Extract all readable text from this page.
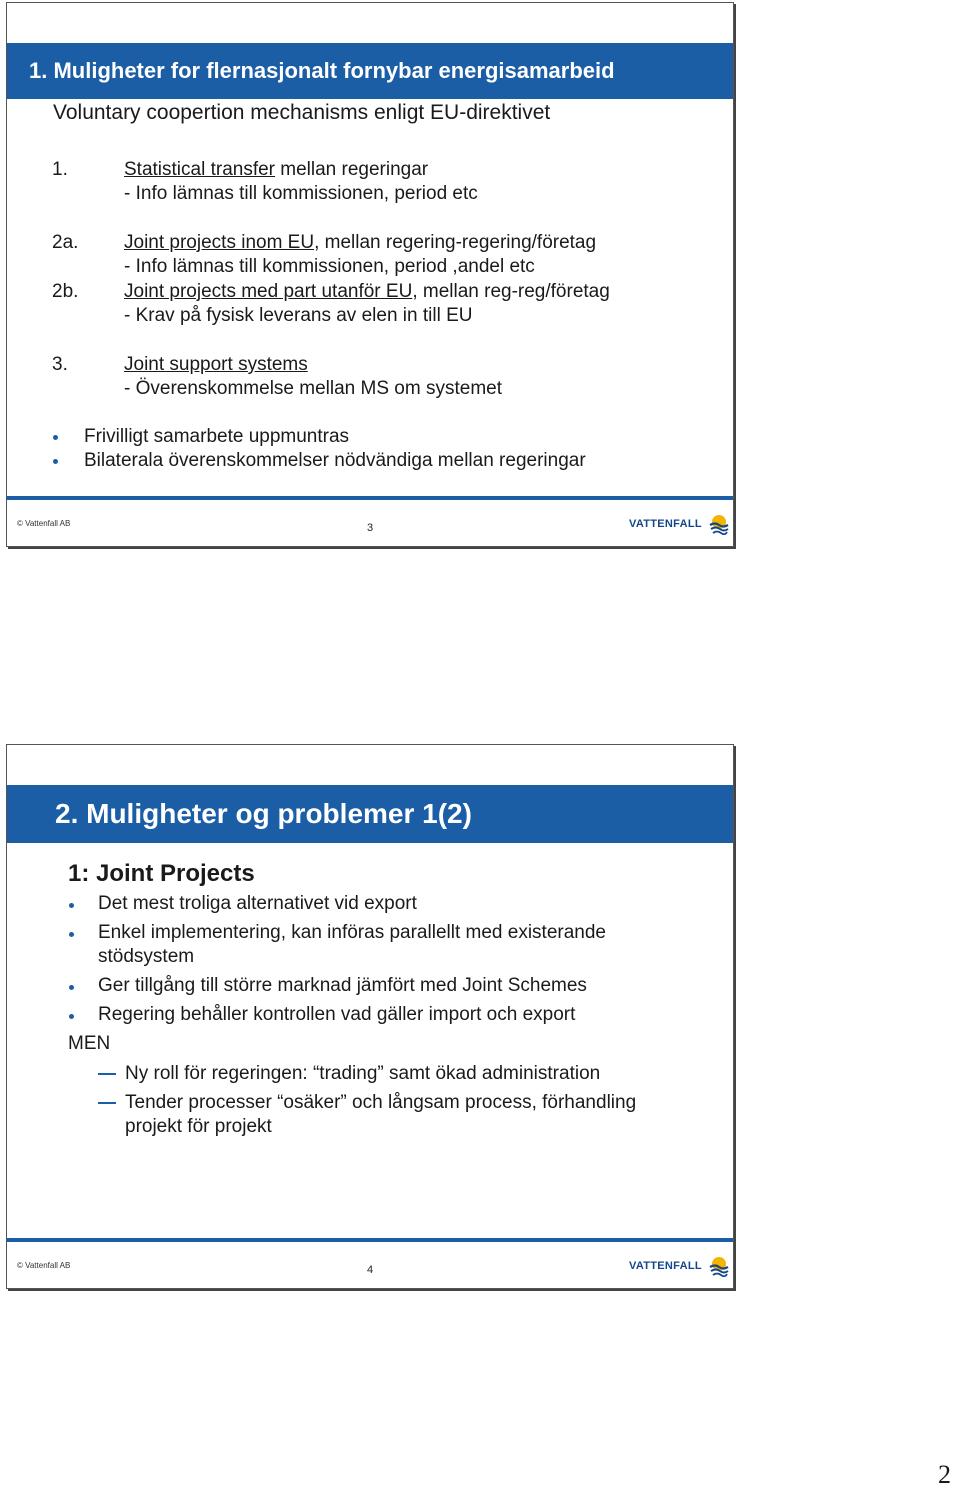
1. Muligheter for flernasjonalt fornybar energisamarbeid
Voluntary coopertion mechanisms enligt EU-direktivet
1.	Statistical transfer mellan regeringar
- Info lämnas till kommissionen, period etc
2a. Joint projects inom EU, mellan regering-regering/företag
- Info lämnas till kommissionen, period ,andel etc
2b. Joint projects med part utanför EU, mellan reg-reg/företag
- Krav på fysisk leverans av elen in till EU
3.	Joint support systems
- Överenskommelse mellan MS om systemet
Frivilligt samarbete uppmuntras
Bilaterala överenskommelser nödvändiga mellan regeringar
© Vattenfall AB	3	VATTENFALL
2. Muligheter og problemer 1(2)
1: Joint Projects
Det mest troliga alternativet vid export
Enkel implementering, kan införas parallellt med existerande
stödsystem
Ger tillgång till större marknad jämfört med Joint Schemes
Regering behåller kontrollen vad gäller import och export
MEN
Ny roll för regeringen: “trading” samt ökad administration
Tender processer “osäker” och långsam process, förhandling
projekt för projekt
© Vattenfall AB	4	VATTENFALL
2
